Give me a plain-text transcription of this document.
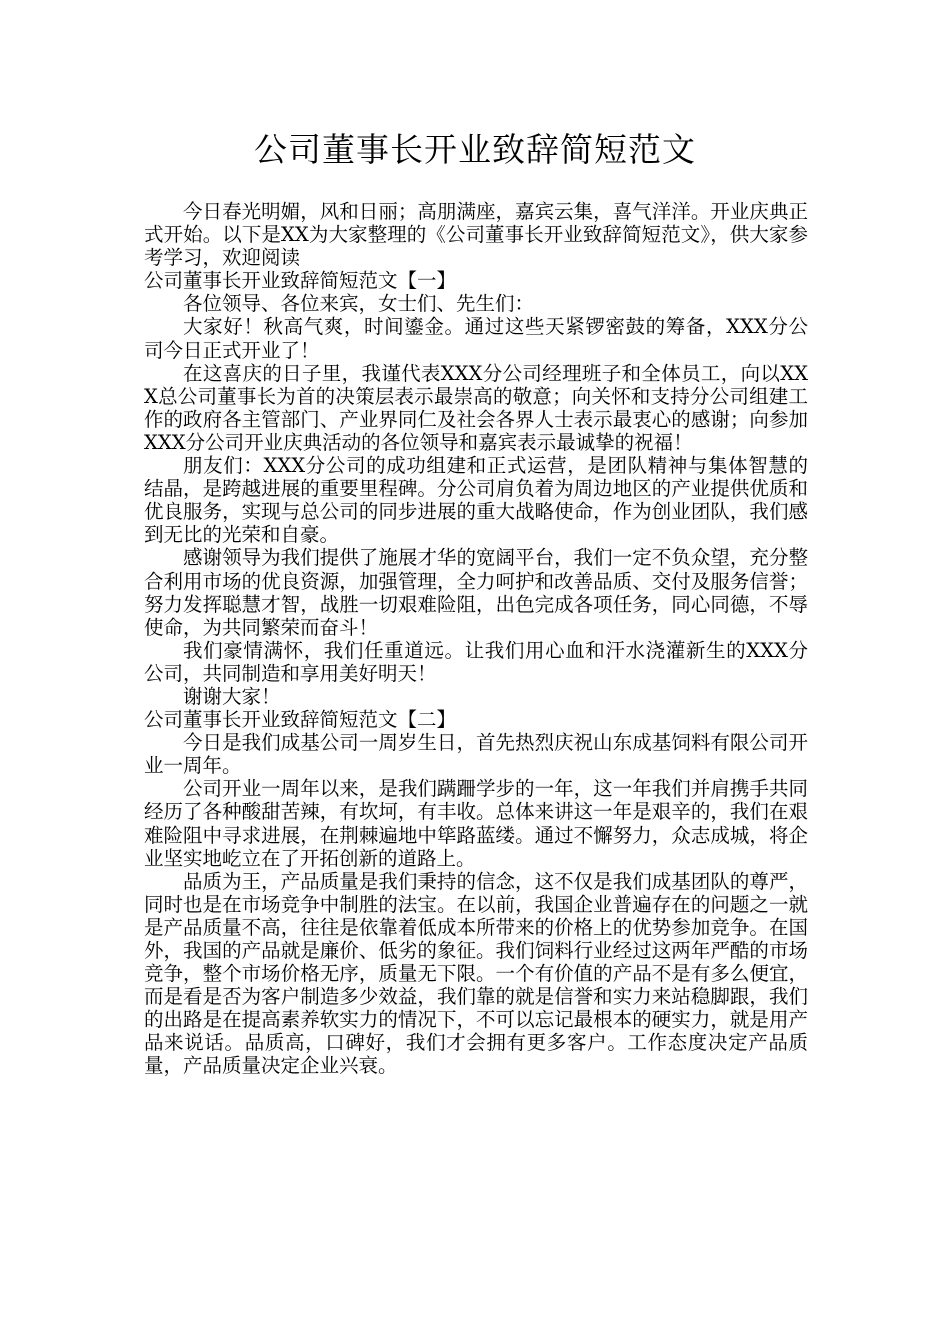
公司董事长开业致辞简短范文

今日春光明媚，风和日丽；高朋满座，嘉宾云集，喜气洋洋。开业庆典正式开始。以下是XX为大家整理的《公司董事长开业致辞简短范文》，供大家参考学习，欢迎阅读

公司董事长开业致辞简短范文【一】

各位领导、各位来宾，女士们、先生们：

大家好！秋高气爽，时间鎏金。通过这些天紧锣密鼓的筹备，XXX分公司今日正式开业了！

在这喜庆的日子里，我谨代表XXX分公司经理班子和全体员工，向以XXX总公司董事长为首的决策层表示最崇高的敬意；向关怀和支持分公司组建工作的政府各主管部门、产业界同仁及社会各界人士表示最衷心的感谢；向参加XXX分公司开业庆典活动的各位领导和嘉宾表示最诚挚的祝福！

朋友们：XXX分公司的成功组建和正式运营，是团队精神与集体智慧的结晶，是跨越进展的重要里程碑。分公司肩负着为周边地区的产业提供优质和优良服务，实现与总公司的同步进展的重大战略使命，作为创业团队，我们感到无比的光荣和自豪。

感谢领导为我们提供了施展才华的宽阔平台，我们一定不负众望，充分整合利用市场的优良资源，加强管理，全力呵护和改善品质、交付及服务信誉；努力发挥聪慧才智，战胜一切艰难险阻，出色完成各项任务，同心同德，不辱使命，为共同繁荣而奋斗！

我们豪情满怀，我们任重道远。让我们用心血和汗水浇灌新生的XXX分公司，共同制造和享用美好明天！

谢谢大家！

公司董事长开业致辞简短范文【二】

今日是我们成基公司一周岁生日，首先热烈庆祝山东成基饲料有限公司开业一周年。

公司开业一周年以来，是我们蹒跚学步的一年，这一年我们并肩携手共同经历了各种酸甜苦辣，有坎坷，有丰收。总体来讲这一年是艰辛的，我们在艰难险阻中寻求进展，在荆棘遍地中筚路蓝缕。通过不懈努力，众志成城，将企业坚实地屹立在了开拓创新的道路上。

品质为王，产品质量是我们秉持的信念，这不仅是我们成基团队的尊严，同时也是在市场竞争中制胜的法宝。在以前，我国企业普遍存在的问题之一就是产品质量不高，往往是依靠着低成本所带来的价格上的优势参加竞争。在国外，我国的产品就是廉价、低劣的象征。我们饲料行业经过这两年严酷的市场竞争，整个市场价格无序，质量无下限。一个有价值的产品不是有多么便宜，而是看是否为客户制造多少效益，我们靠的就是信誉和实力来站稳脚跟，我们的出路是在提高素养软实力的情况下，不可以忘记最根本的硬实力，就是用产品来说话。品质高，口碑好，我们才会拥有更多客户。工作态度决定产品质量，产品质量决定企业兴衰。
